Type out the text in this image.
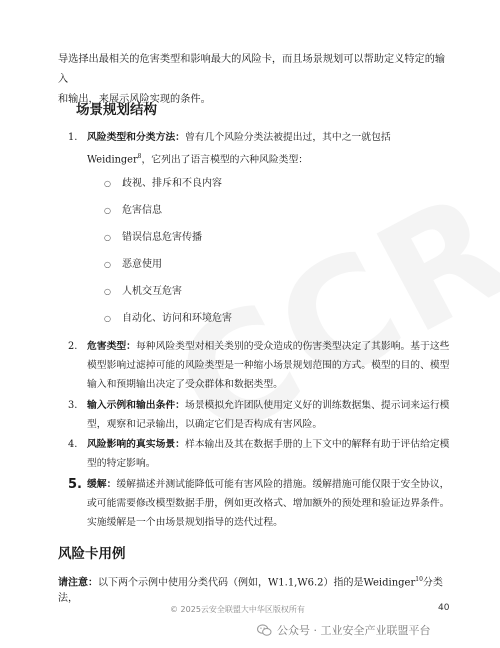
导选择出最相关的危害类型和影响最大的风险卡，而且场景规划可以帮助定义特定的输入
和输出，来展示风险实现的条件。
场景规划结构
1. 风险类型和分类方法：曾有几个风险分类法被提出过，其中之一就包括Weidinger$^8$，它列出了语言模型的六种风险类型：
○ 歧视、排斥和不良内容
○ 危害信息
○ 错误信息危害传播
○ 恶意使用
○ 人机交互危害
○ 自动化、访问和环境危害
2. 危害类型：每种风险类型对相关类别的受众造成的伤害类型决定了其影响。基于这些模型影响过滤掉可能的风险类型是一种缩小场景规划范围的方式。模型的目的、模型输入和预期输出决定了受众群体和数据类型。
3. 输入示例和输出条件：场景模拟允许团队使用定义好的训练数据集、提示词来运行模型，观察和记录输出，以确定它们是否构成有害风险。
4. 风险影响的真实场景：样本输出及其在数据手册的上下文中的解释有助于评估给定模型的特定影响。
5. 缓解：缓解描述并测试能降低可能有害风险的措施。缓解措施可能仅限于安全协议，或可能需要修改模型数据手册，例如更改格式、增加额外的预处理和验证边界条件。实施缓解是一个由场景规划指导的迭代过程。
风险卡用例
请注意：以下两个示例中使用分类代码（例如，W1.1,W6.2）指的是Weidinger$^{10}$分类法，
© 2025云安全联盟大中华区版权所有	40
公众号 · 工业安全产业联盟平台
